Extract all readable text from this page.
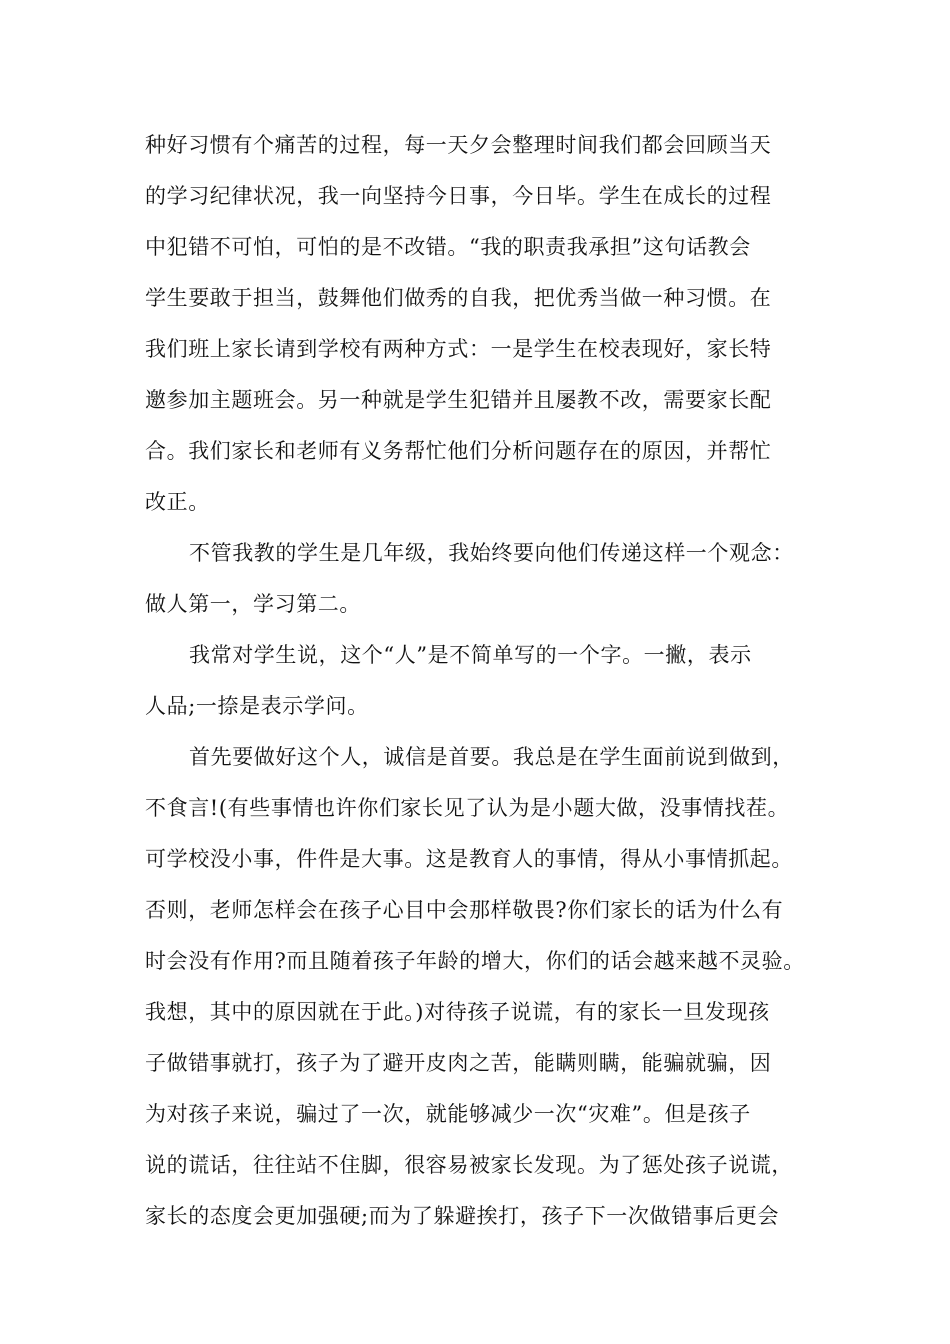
种好习惯有个痛苦的过程，每一天夕会整理时间我们都会回顾当天
的学习纪律状况，我一向坚持今日事，今日毕。学生在成长的过程
中犯错不可怕，可怕的是不改错。“我的职责我承担”这句话教会
学生要敢于担当，鼓舞他们做秀的自我，把优秀当做一种习惯。在
我们班上家长请到学校有两种方式：一是学生在校表现好，家长特
邀参加主题班会。另一种就是学生犯错并且屡教不改，需要家长配
合。我们家长和老师有义务帮忙他们分析问题存在的原因，并帮忙
改正。
不管我教的学生是几年级，我始终要向他们传递这样一个观念：
做人第一，学习第二。
我常对学生说，这个“人”是不简单写的一个字。一撇，表示
人品;一捺是表示学问。
首先要做好这个人，诚信是首要。我总是在学生面前说到做到，
不食言!(有些事情也许你们家长见了认为是小题大做，没事情找茬。
可学校没小事，件件是大事。这是教育人的事情，得从小事情抓起。
否则，老师怎样会在孩子心目中会那样敬畏?你们家长的话为什么有
时会没有作用?而且随着孩子年龄的增大，你们的话会越来越不灵验。
我想，其中的原因就在于此。)对待孩子说谎，有的家长一旦发现孩
子做错事就打，孩子为了避开皮肉之苦，能瞒则瞒，能骗就骗，因
为对孩子来说，骗过了一次，就能够减少一次“灾难”。但是孩子
说的谎话，往往站不住脚，很容易被家长发现。为了惩处孩子说谎，
家长的态度会更加强硬;而为了躲避挨打，孩子下一次做错事后更会
